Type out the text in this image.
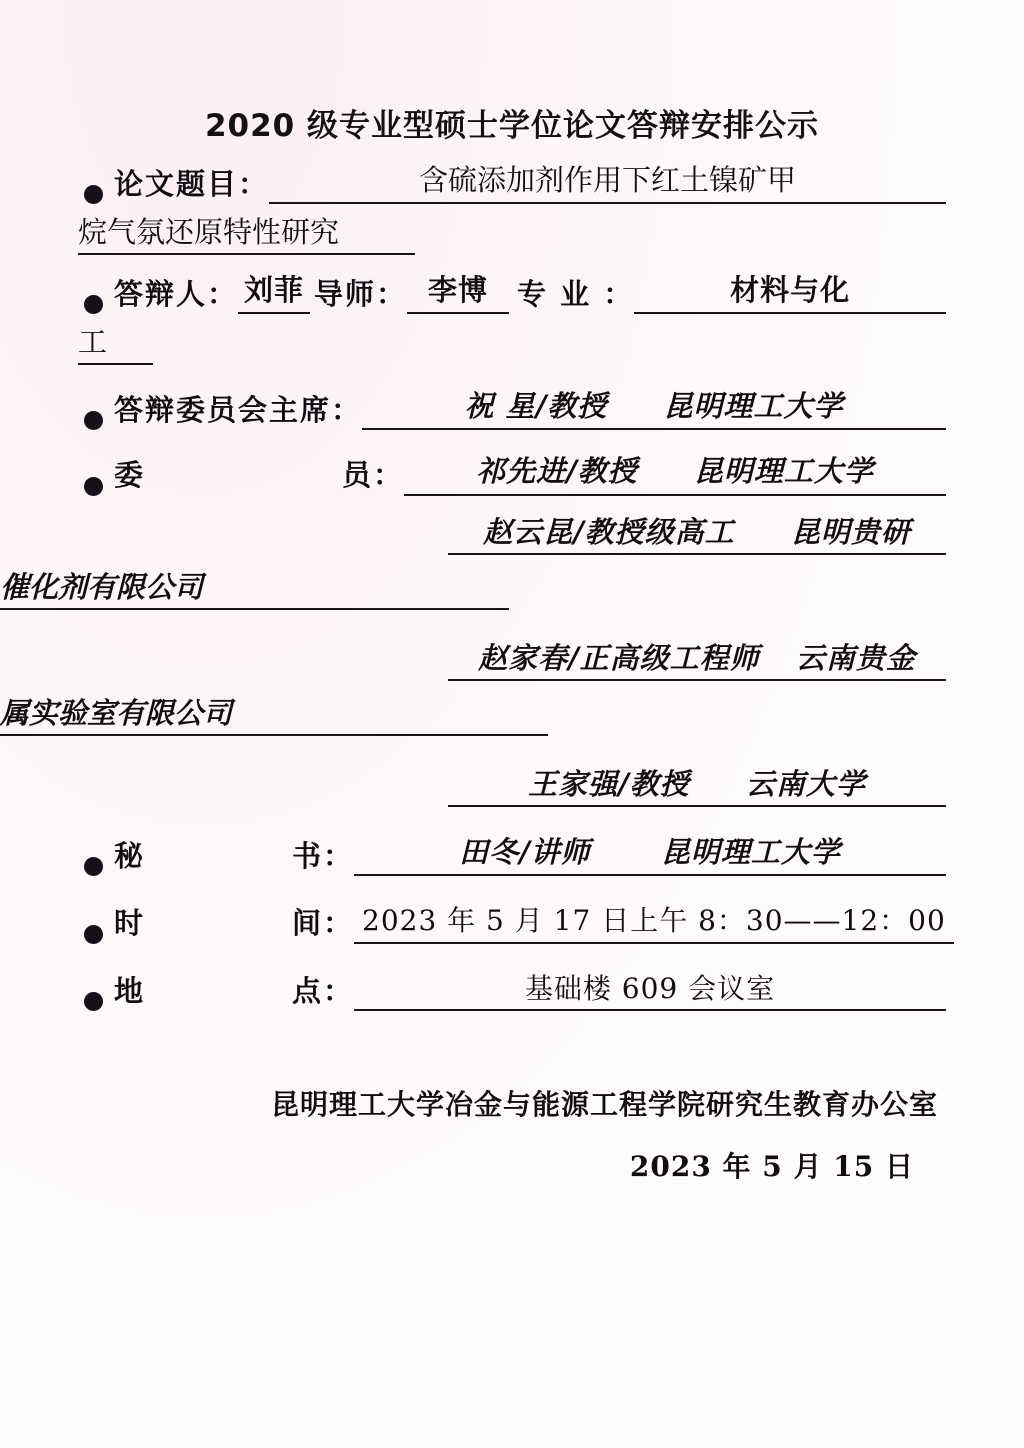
2020 级专业型硕士学位论文答辩安排公示
论文题目：	含硫添加剂作用下红土镍矿甲
烷气氛还原特性研究
答辩人： 刘菲 导师： 李博	专 业 ：	材料与化
工
答辩委员会主席：	祝 星/教授 昆明理工大学
委	员：	祁先进/教授 昆明理工大学
赵云昆/教授级高工 昆明贵研
催化剂有限公司
赵家春/正高级工程师 云南贵金
属实验室有限公司
王家强/教授 云南大学
秘	书：	田冬/讲师 昆明理工大学
时	间： 2023 年 5 月 17 日上午 8：30——12：00
地	点：	基础楼 609 会议室
昆明理工大学冶金与能源工程学院研究生教育办公室
2023 年 5 月 15 日
